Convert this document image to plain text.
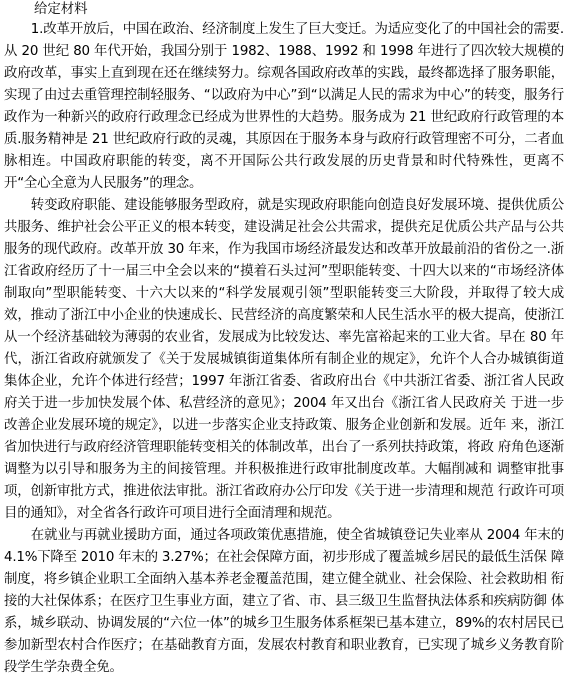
给定材料

1.改革开放后，中国在政治、经济制度上发生了巨大变迁。为适应变化了的中国社会的需要.从 20 世纪 80 年代开始，我国分别于 1982、1988、1992 和 1998 年进行了四次较大规模的政府改革，事实上直到现在还在继续努力。综观各国政府改革的实践，最终都选择了服务职能，实现了由过去重管理控制轻服务、“以政府为中心”到“以满足人民的需求为中心”的转变，服务行政作为一种新兴的政府行政理念已经成为世界性的大趋势。服务成为 21 世纪政府行政管理的本质.服务精神是 21 世纪政府行政的灵魂，其原因在于服务本身与政府行政管理密不可分，二者血脉相连。中国政府职能的转变，离不开国际公共行政发展的历史背景和时代特殊性，更离不开“全心全意为人民服务”的理念。

转变政府职能、建设能够服务型政府，就是实现政府职能向创造良好发展环境、提供优质公共服务、维护社会公平正义的根本转变，建设满足社会公共需求，提供充足优质公共产品与公共服务的现代政府。改革开放 30 年来，作为我国市场经济最发达和改革开放最前沿的省份之一.浙江省政府经历了十一届三中全会以来的“摸着石头过河”型职能转变、十四大以来的“市场经济体制取向”型职能转变、十六大以来的“科学发展观引领”型职能转变三大阶段，并取得了较大成效，推动了浙江中小企业的快速成长、民营经济的高度繁荣和人民生活水平的极大提高，使浙江从一个经济基础较为薄弱的农业省，发展成为比较发达、率先富裕起来的工业大省。早在 80 年代，浙江省政府就颁发了《关于发展城镇街道集体所有制企业的规定》，允许个人合办城镇街道集体企业，允许个体进行经营；1997 年浙江省委、省政府出台《中共浙江省委、浙江省人民政府关于进一步加快发展个体、私营经济的意见》；2004 年又出台《浙江省人民政府关 于进一步改善企业发展环境的规定》，以进一步落实企业支持政策、服务企业创新和发展。近年 来，浙江省加快进行与政府经济管理职能转变相关的体制改革，出台了一系列扶持政策，将政 府角色逐渐调整为以引导和服务为主的间接管理。并积极推进行政审批制度改革。大幅削减和 调整审批事项，创新审批方式，推进依法审批。浙江省政府办公厅印发《关于进一步清理和规范 行政许可项目的通知》，对全省各行政许可项目进行全面清理和规范。

在就业与再就业援助方面，通过各项政策优惠措施，使全省城镇登记失业率从 2004 年末的 4.1%下降至 2010 年末的 3.27%；在社会保障方面，初步形成了覆盖城乡居民的最低生活保 障制度，将乡镇企业职工全面纳入基本养老金覆盖范围，建立健全就业、社会保险、社会救助相 衔接的大社保体系；在医疗卫生事业方面，建立了省、市、县三级卫生监督执法体系和疾病防御 体系，城乡联动、协调发展的“六位一体”的城乡卫生服务体系框架已基本建立，89%的农村居民已 参加新型农村合作医疗；在基础教育方面，发展农村教育和职业教育，已实现了城乡义务教育阶段学生学杂费全免。
